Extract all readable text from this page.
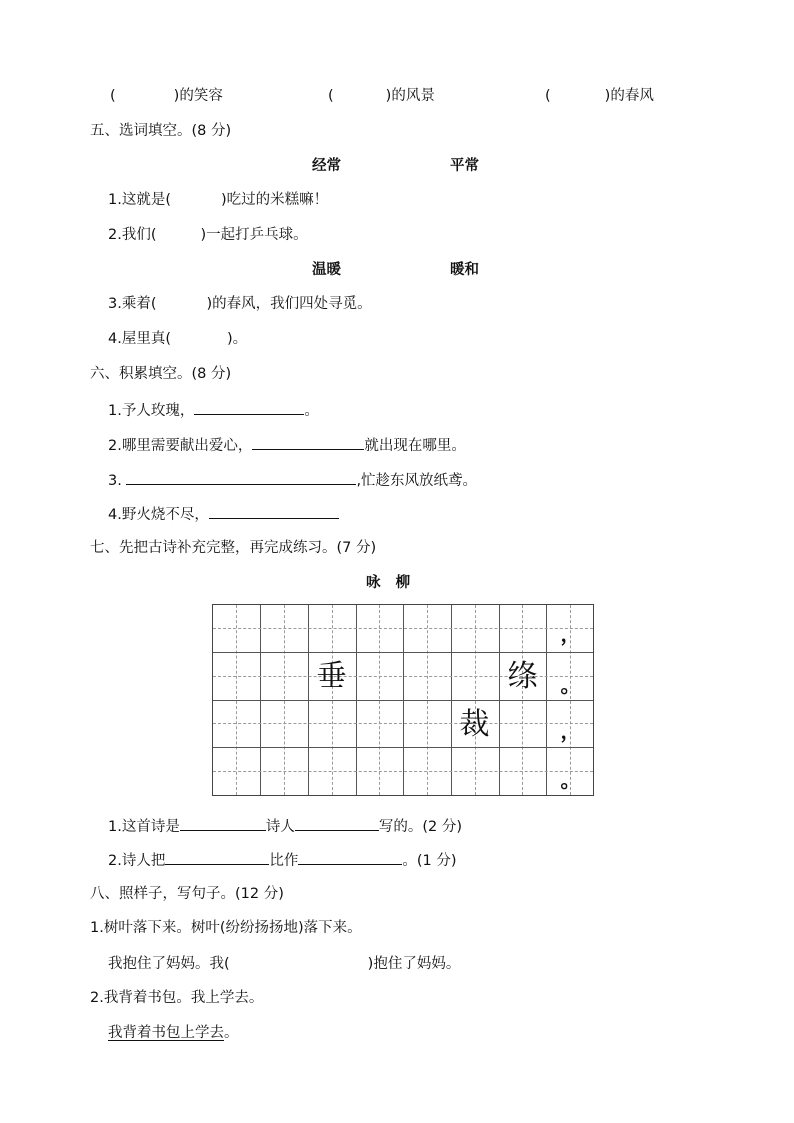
(	)的笑容	(	)的风景	(	)的春风
五、选词填空。(8 分)
经常	平常
1.这就是(	)吃过的米糕嘛！
2.我们(	)一起打乒乓球。
温暖	暖和
3.乘着(	)的春风，我们四处寻觅。
4.屋里真(	)。
六、积累填空。(8 分)
1.予人玫瑰，	。
2.哪里需要献出爱心，	就出现在哪里。
3.	,忙趁东风放纸鸢。
4.野火烧不尽，
七、先把古诗补充完整，再完成练习。(7 分)
咏   柳
垂	绦
裁
，
。
，
。
1.这首诗是	诗人	写的。(2 分)
2.诗人把	比作	。(1 分)
八、照样子，写句子。(12 分)
1.树叶落下来。树叶(纷纷扬扬地)落下来。
我抱住了妈妈。我(	)抱住了妈妈。
2.我背着书包。我上学去。
我背着书包上学去。
